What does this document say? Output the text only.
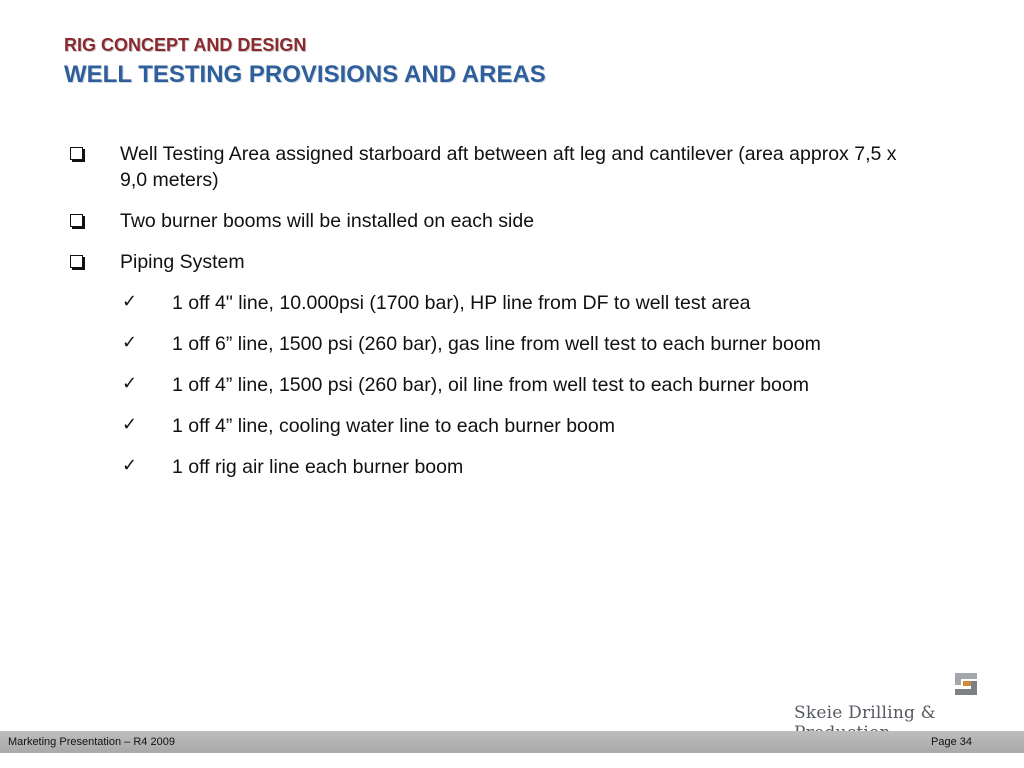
RIG CONCEPT AND DESIGN
WELL TESTING PROVISIONS AND AREAS
Well Testing Area assigned starboard aft between aft leg and cantilever (area approx 7,5 x 9,0 meters)
Two burner booms will be installed on each side
Piping System
✓ 1 off 4" line, 10.000psi (1700 bar), HP line from DF to well test area
✓ 1 off 6” line, 1500 psi (260 bar), gas line from well test to each burner boom
✓ 1 off 4” line, 1500 psi (260 bar), oil line from well test to each burner boom
✓ 1 off 4” line, cooling water line to each burner boom
✓ 1 off rig air line each burner boom
Skeie Drilling &
Marketing Presentation – R4 2009	Page 34
